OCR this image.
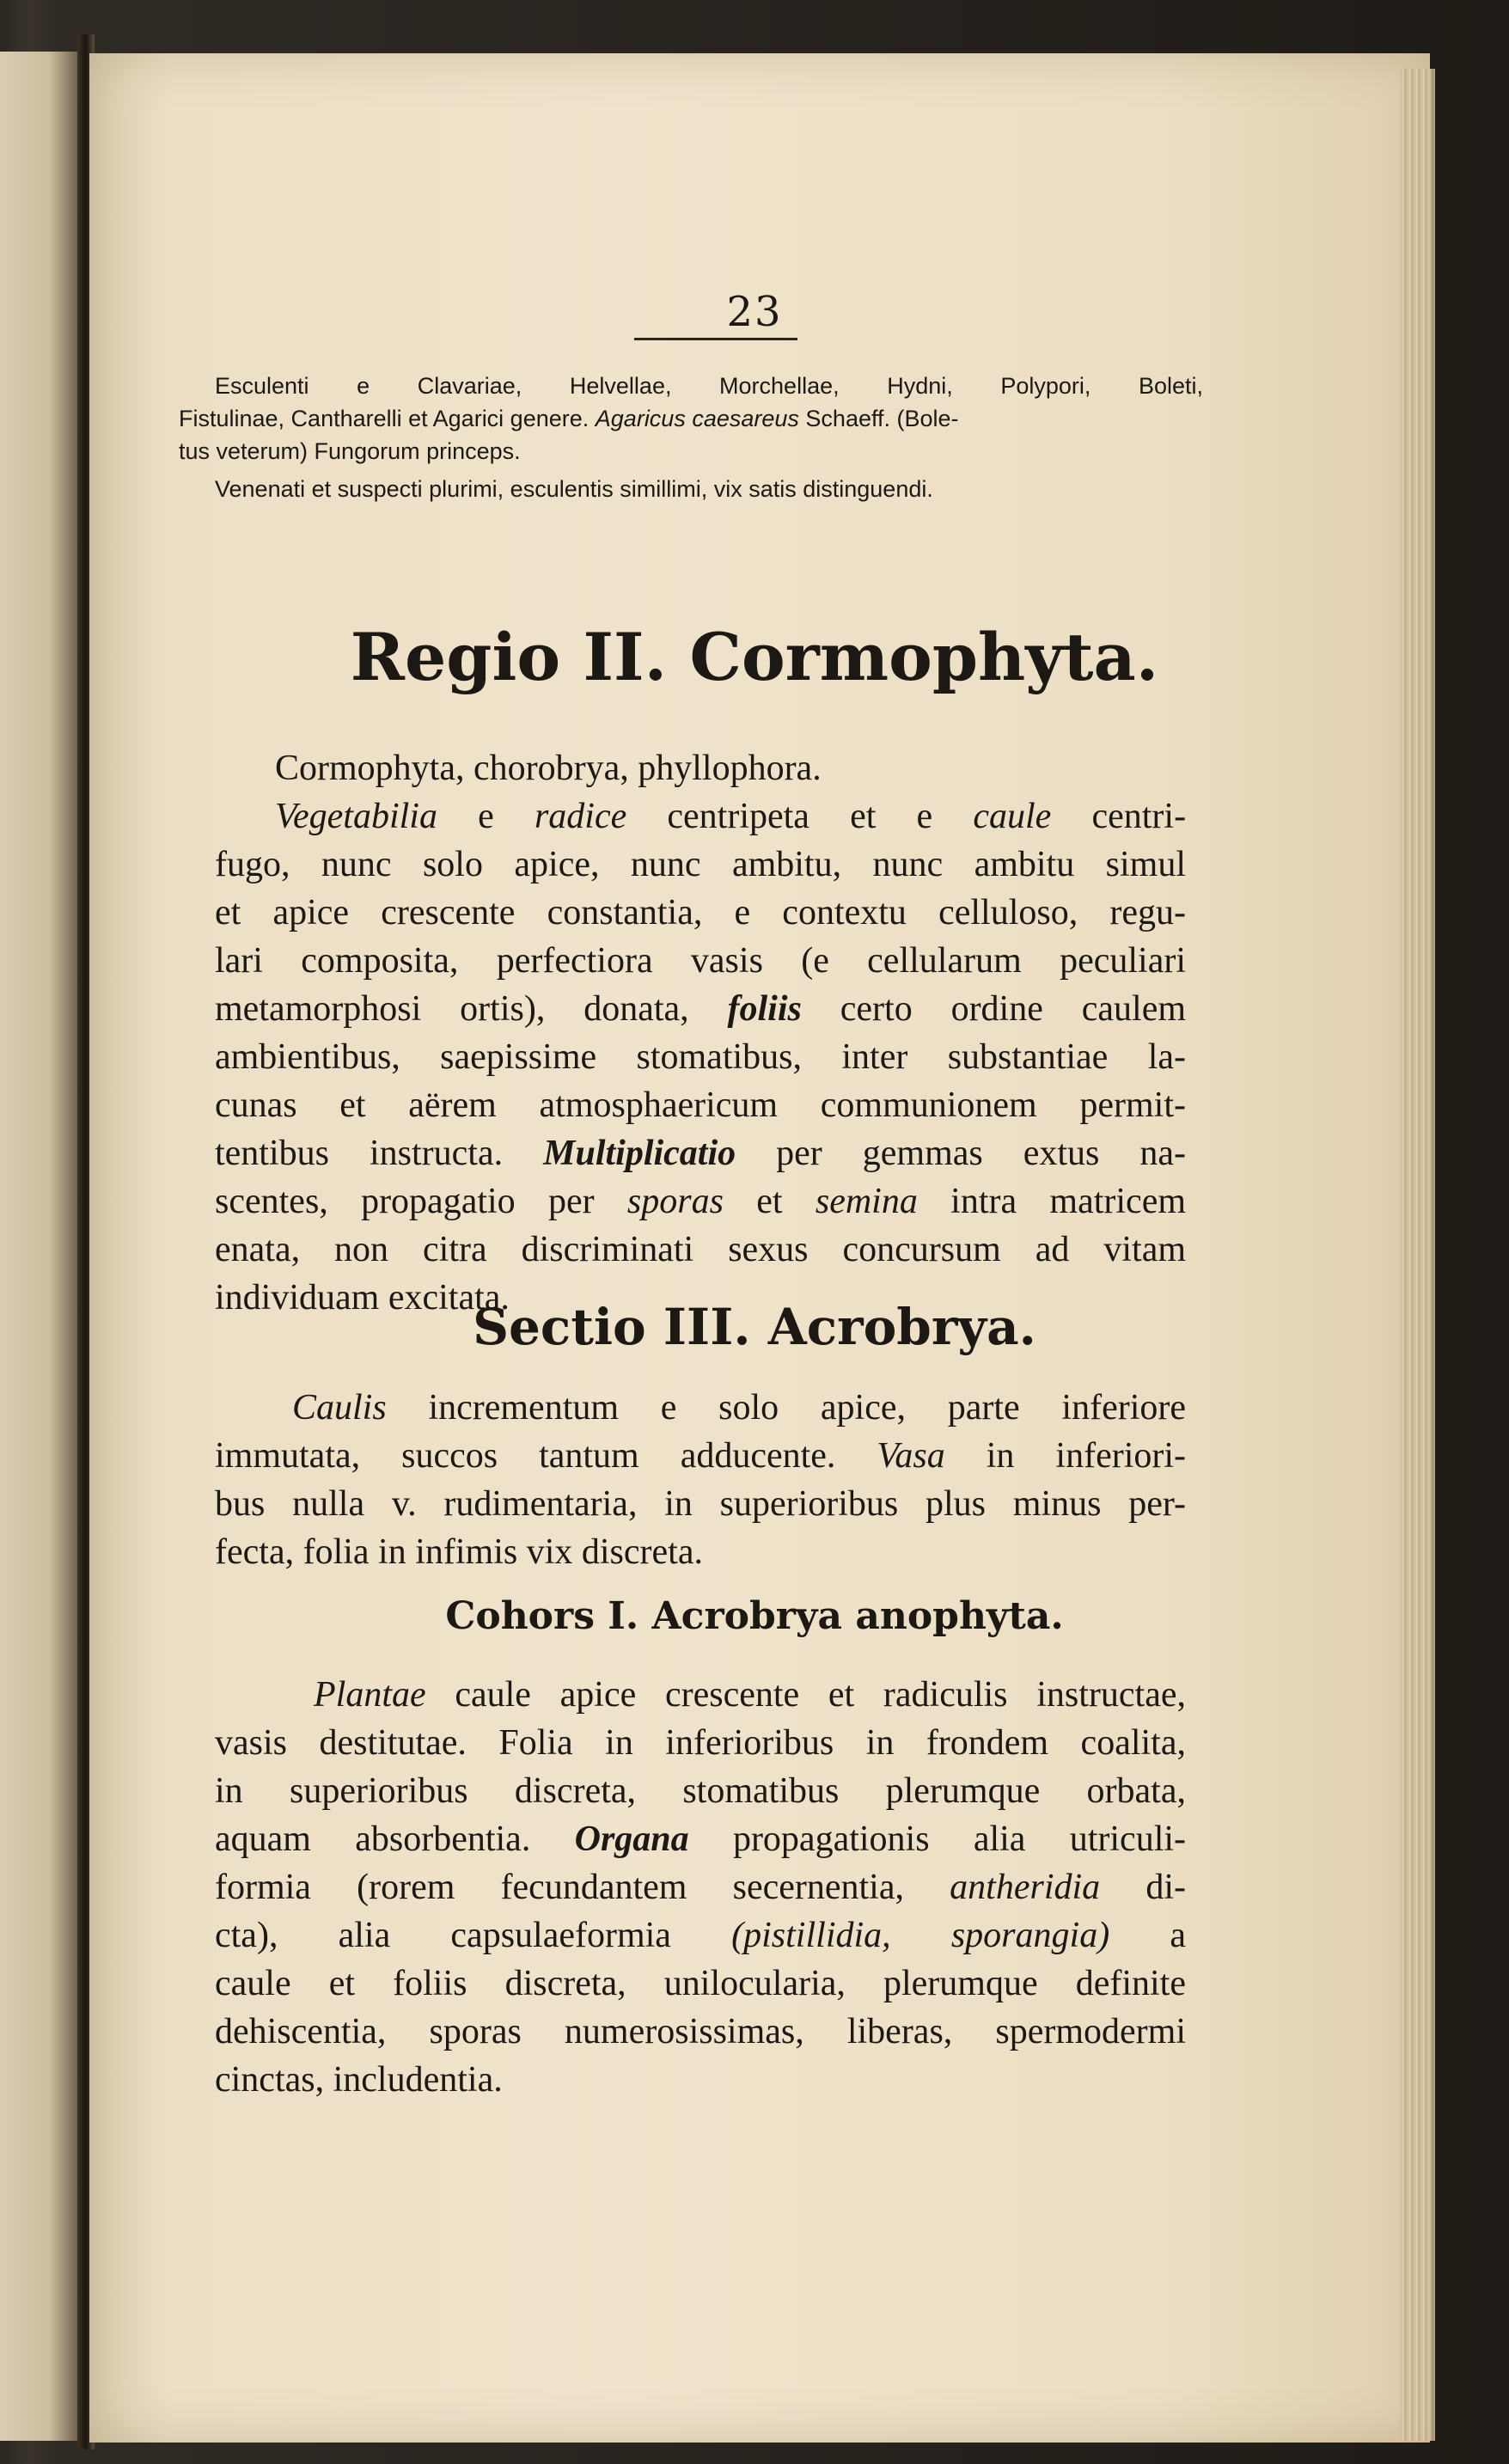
23
Esculenti e Clavariae, Helvellae, Morchellae, Hydni, Polypori, Boleti,
Fistulinae, Cantharelli et Agarici genere. Agaricus caesareus Schaeff. (Bole-
tus veterum) Fungorum princeps.
Venenati et suspecti plurimi, esculentis simillimi, vix satis distinguendi.
Regio II. Cormophyta.
Cormophyta, chorobrya, phyllophora.
Vegetabilia e radice centripeta et e caule centri-
fugo, nunc solo apice, nunc ambitu, nunc ambitu simul
et apice crescente constantia, e contextu celluloso, regu-
lari composita, perfectiora vasis (e cellularum peculiari
metamorphosi ortis), donata, foliis certo ordine caulem
ambientibus, saepissime stomatibus, inter substantiae la-
cunas et aërem atmosphaericum communionem permit-
tentibus instructa. Multiplicatio per gemmas extus na-
scentes, propagatio per sporas et semina intra matricem
enata, non citra discriminati sexus concursum ad vitam
individuam excitata.
Sectio III. Acrobrya.
Caulis incrementum e solo apice, parte inferiore
immutata, succos tantum adducente. Vasa in inferiori-
bus nulla v. rudimentaria, in superioribus plus minus per-
fecta, folia in infimis vix discreta.
Cohors I. Acrobrya anophyta.
Plantae caule apice crescente et radiculis instructae,
vasis destitutae. Folia in inferioribus in frondem coalita,
in superioribus discreta, stomatibus plerumque orbata,
aquam absorbentia. Organa propagationis alia utriculi-
formia (rorem fecundantem secernentia, antheridia di-
cta), alia capsulaeformia (pistillidia, sporangia) a
caule et foliis discreta, unilocularia, plerumque definite
dehiscentia, sporas numerosissimas, liberas, spermodermi
cinctas, includentia.
